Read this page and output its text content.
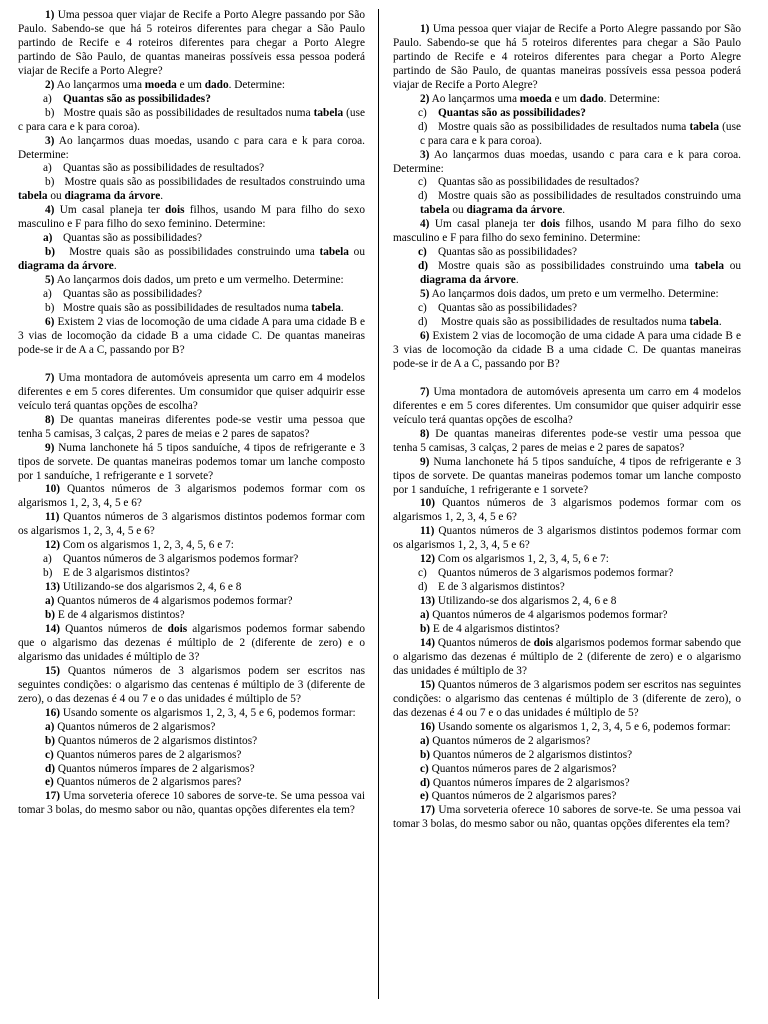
1) Uma pessoa quer viajar de Recife a Porto Alegre passando por São Paulo. Sabendo-se que há 5 roteiros diferentes para chegar a São Paulo partindo de Recife e 4 roteiros diferentes para chegar a Porto Alegre partindo de São Paulo, de quantas maneiras possíveis essa pessoa poderá viajar de Recife a Porto Alegre?

2) Ao lançarmos uma moeda e um dado. Determine:

a) Quantas são as possibilidades?

b) Mostre quais são as possibilidades de resultados numa tabela (use c para cara e k para coroa).

3) Ao lançarmos duas moedas, usando c para cara e k para coroa. Determine:

a) Quantas são as possibilidades de resultados?

b) Mostre quais são as possibilidades de resultados construindo uma tabela ou diagrama da árvore.

4) Um casal planeja ter dois filhos, usando M para filho do sexo masculino e F para filho do sexo feminino. Determine:

a) Quantas são as possibilidades?

b) Mostre quais são as possibilidades construindo uma tabela ou diagrama da árvore.

5) Ao lançarmos dois dados, um preto e um vermelho. Determine:

a) Quantas são as possibilidades?

b)   Mostre quais são as possibilidades de resultados numa tabela.

6) Existem 2 vias de locomoção de uma cidade A para uma cidade B e 3 vias de locomoção da cidade B a uma cidade C. De quantas maneiras pode-se ir de A a C, passando por B?

7) Uma montadora de automóveis apresenta um carro em 4 modelos diferentes e em 5 cores diferentes. Um consumidor que quiser adquirir esse veículo terá quantas opções de escolha?

8) De quantas maneiras diferentes pode-se vestir uma pessoa que tenha 5 camisas, 3 calças, 2 pares de meias e 2 pares de sapatos?

9) Numa lanchonete há 5 tipos sanduíche, 4 tipos de refrigerante e 3 tipos de sorvete. De quantas maneiras podemos tomar um lanche composto por 1 sanduíche, 1 refrigerante e 1 sorvete?

10) Quantos números de 3 algarismos podemos formar com os algarismos 1, 2, 3, 4, 5 e 6?

11) Quantos números de 3 algarismos distintos podemos formar com os algarismos 1, 2, 3, 4, 5 e 6?

12) Com os algarismos 1, 2, 3, 4, 5, 6 e 7:

a) Quantos números de 3 algarismos podemos formar?

b) E de 3 algarismos distintos?

13) Utilizando-se dos algarismos 2, 4, 6 e 8

a) Quantos números de 4 algarismos podemos formar?

b) E de 4 algarismos distintos?

14) Quantos números de dois algarismos podemos formar sabendo que o algarismo das dezenas é múltiplo de 2 (diferente de zero) e o algarismo das unidades é múltiplo de 3?

15) Quantos números de 3 algarismos podem ser escritos nas seguintes condições: o algarismo das centenas é múltiplo de 3 (diferente de zero), o das dezenas é 4 ou 7 e o das unidades é múltiplo de 5?

16) Usando somente os algarismos 1, 2, 3, 4, 5 e 6, podemos formar:

a) Quantos números de 2 algarismos?

b) Quantos números de 2 algarismos distintos?

c) Quantos números pares de 2 algarismos?

d) Quantos números ímpares de 2 algarismos?

e) Quantos números de 2 algarismos pares?

17) Uma sorveteria oferece 10 sabores de sorve-te. Se uma pessoa vai tomar 3 bolas, do mesmo sabor ou não, quantas opções diferentes ela tem?

1) Uma pessoa quer viajar de Recife a Porto Alegre passando por São Paulo. Sabendo-se que há 5 roteiros diferentes para chegar a São Paulo partindo de Recife e 4 roteiros diferentes para chegar a Porto Alegre partindo de São Paulo, de quantas maneiras possíveis essa pessoa poderá viajar de Recife a Porto Alegre?

2) Ao lançarmos uma moeda e um dado. Determine:

c) Quantas são as possibilidades?

d) Mostre quais são as possibilidades de resultados numa tabela (use c para cara e k para coroa).

3) Ao lançarmos duas moedas, usando c para cara e k para coroa. Determine:

c) Quantas são as possibilidades de resultados?

d) Mostre quais são as possibilidades de resultados construindo uma tabela ou diagrama da árvore.

4) Um casal planeja ter dois filhos, usando M para filho do sexo masculino e F para filho do sexo feminino. Determine:

c) Quantas são as possibilidades?

d) Mostre quais são as possibilidades construindo uma tabela ou diagrama da árvore.

5) Ao lançarmos dois dados, um preto e um vermelho. Determine:

c) Quantas são as possibilidades?

d) Mostre quais são as possibilidades de resultados numa tabela.

6) Existem 2 vias de locomoção de uma cidade A para uma cidade B e 3 vias de locomoção da cidade B a uma cidade C. De quantas maneiras pode-se ir de A a C, passando por B?

7) Uma montadora de automóveis apresenta um carro em 4 modelos diferentes e em 5 cores diferentes. Um consumidor que quiser adquirir esse veículo terá quantas opções de escolha?

8) De quantas maneiras diferentes pode-se vestir uma pessoa que tenha 5 camisas, 3 calças, 2 pares de meias e 2 pares de sapatos?

9) Numa lanchonete há 5 tipos sanduíche, 4 tipos de refrigerante e 3 tipos de sorvete. De quantas maneiras podemos tomar um lanche composto por 1 sanduíche, 1 refrigerante e 1 sorvete?

10) Quantos números de 3 algarismos podemos formar com os algarismos 1, 2, 3, 4, 5 e 6?

11) Quantos números de 3 algarismos distintos podemos formar com os algarismos 1, 2, 3, 4, 5 e 6?

12) Com os algarismos 1, 2, 3, 4, 5, 6 e 7:

c) Quantos números de 3 algarismos podemos formar?

d) E de 3 algarismos distintos?

13) Utilizando-se dos algarismos 2, 4, 6 e 8

a) Quantos números de 4 algarismos podemos formar?

b) E de 4 algarismos distintos?

14) Quantos números de dois algarismos podemos formar sabendo que o algarismo das dezenas é múltiplo de 2 (diferente de zero) e o algarismo das unidades é múltiplo de 3?

15) Quantos números de 3 algarismos podem ser escritos nas seguintes condições: o algarismo das centenas é múltiplo de 3 (diferente de zero), o das dezenas é 4 ou 7 e o das unidades é múltiplo de 5?

16) Usando somente os algarismos 1, 2, 3, 4, 5 e 6, podemos formar:

a) Quantos números de 2 algarismos?

b) Quantos números de 2 algarismos distintos?

c) Quantos números pares de 2 algarismos?

d) Quantos números ímpares de 2 algarismos?

e) Quantos números de 2 algarismos pares?

17) Uma sorveteria oferece 10 sabores de sorve-te. Se uma pessoa vai tomar 3 bolas, do mesmo sabor ou não, quantas opções diferentes ela tem?
